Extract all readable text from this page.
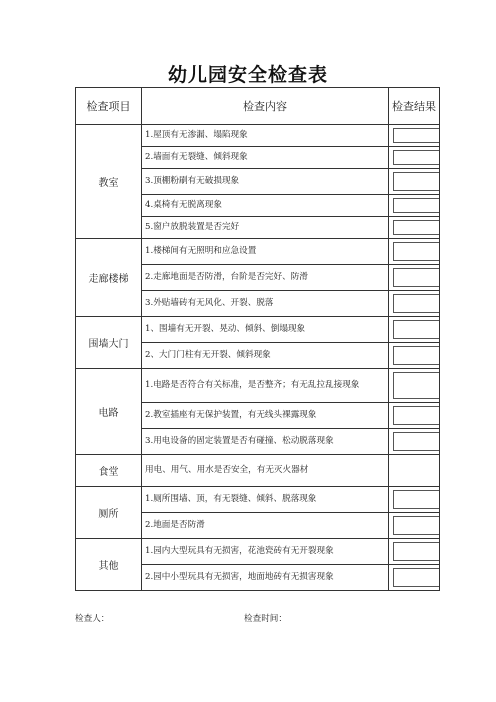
幼儿园安全检查表
检查项目	检查内容	检查结果
教室	1.屋顶有无渗漏、塌陷现象	

	2.墙面有无裂缝、倾斜现象	

	3.顶棚粉刷有无破损现象	

	4.桌椅有无脱离现象	

	5.窗户放脱装置是否完好	

走廊楼梯	1.楼梯间有无照明和应急设置	

	2.走廊地面是否防滑，台阶是否完好、防滑	

	3.外贴墙砖有无风化、开裂、脱落	

围墙大门	1、围墙有无开裂、晃动、倾斜、倒塌现象	

	2、大门门柱有无开裂、倾斜现象	

电路	1.电路是否符合有关标准，是否整齐；有无乱拉乱接现象	

	2.教室插座有无保护装置，有无线头裸露现象	

	3.用电设备的固定装置是否有碰撞、松动脱落现象	

食堂	用电、用气、用水是否安全，有无灭火器材	
厕所	1.厕所围墙、顶，有无裂缝、倾斜、脱落现象	

	2.地面是否防滑	

其他	1.园内大型玩具有无损害，花池瓷砖有无开裂现象	

	2.园中小型玩具有无损害，地面地砖有无损害现象	
检查人：	检查时间：
